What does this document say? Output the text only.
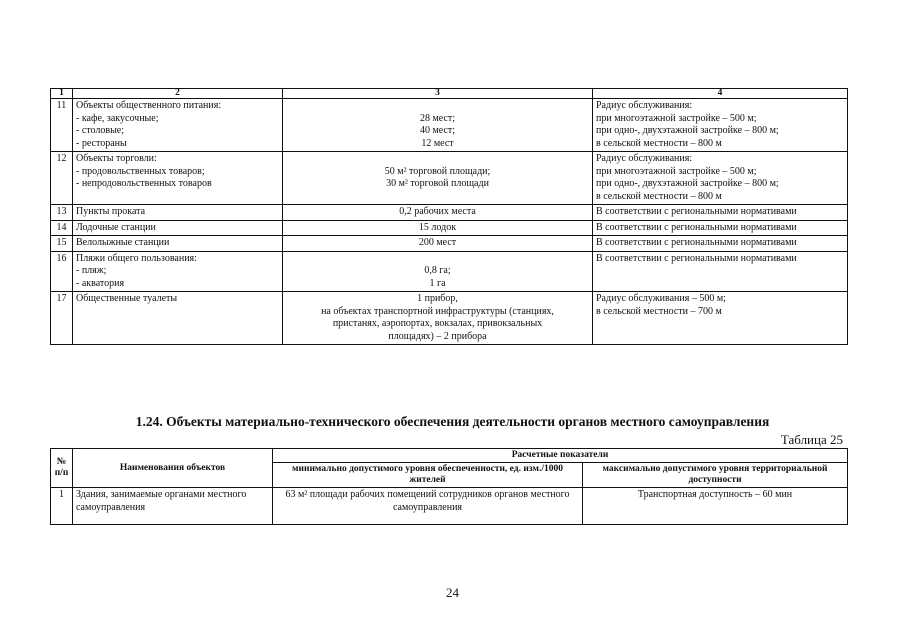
1	2	3	4
11	Объекты общественного питания:
- кафе, закусочные;
- столовые;
- рестораны	28 мест;
40 мест;
12 мест	Радиус обслуживания:
при многоэтажной застройке – 500 м;
при одно-, двухэтажной застройке – 800 м;
в сельской местности – 800 м

12	Объекты торговли:
- продовольственных товаров;
- непродовольственных товаров	50 м² торговой площади;
30 м² торговой площади	Радиус обслуживания:
при многоэтажной застройке – 500 м;
при одно-, двухэтажной застройке – 800 м;
в сельской местности – 800 м

13	Пункты проката	0,2 рабочих места	В соответствии с региональными нормативами

14	Лодочные станции	15 лодок	В соответствии с региональными нормативами

15	Велолыжные станции	200 мест	В соответствии с региональными нормативами

16	Пляжи общего пользования:
- пляж;
- акватория	0,8 га;
1 га	В соответствии с региональными нормативами

17	Общественные туалеты	1 прибор,
на объектах транспортной инфраструктуры (станциях,
пристанях, аэропортах, вокзалах, привокзальных
площадях) – 2 прибора	Радиус обслуживания – 500 м;
в сельской местности – 700 м
1.24. Объекты материально-технического обеспечения деятельности органов местного самоуправления
Таблица 25
№ п/п	Наименования объектов	Расчетные показатели	
		минимально допустимого уровня обеспеченности, ед. изм./1000 жителей	максимально допустимого уровня территориальной доступности
1	Здания, занимаемые органами местного самоуправления	63 м² площади рабочих помещений сотрудников органов местного самоуправления	Транспортная доступность – 60 мин
24
